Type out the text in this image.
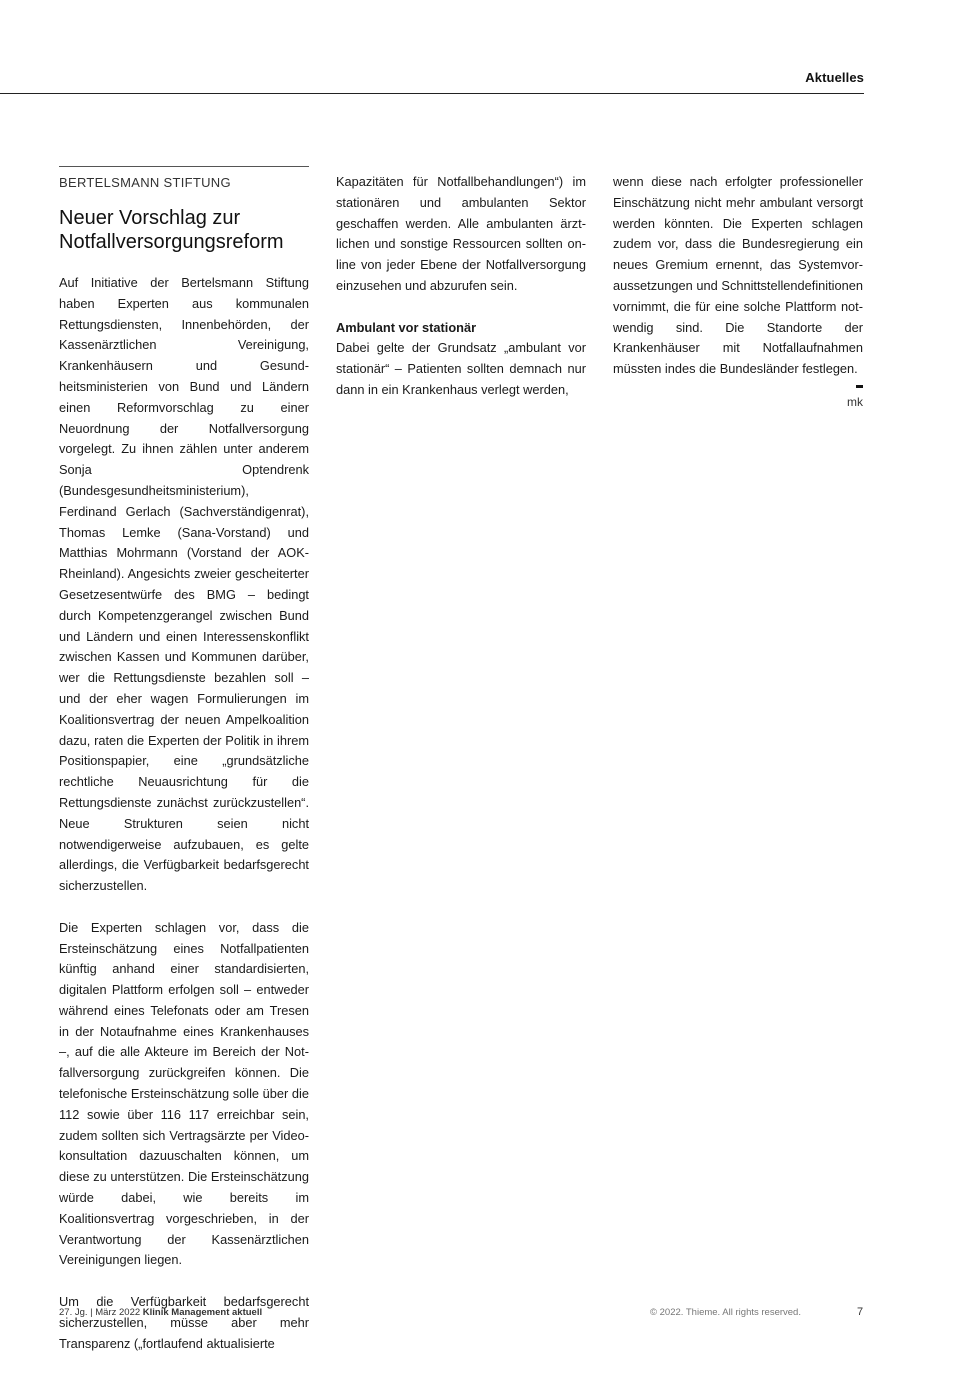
Aktuelles
BERTELSMANN STIFTUNG
Neuer Vorschlag zur Notfallversorgungsreform

Auf Initiative der Bertelsmann Stiftung haben Experten aus kommunalen Rettungsdiensten, Innenbehörden, der Kassenärztlichen Vereinigung, Krankenhäusern und Gesundheitsministerien von Bund und Ländern einen Reformvorschlag zu einer Neuordnung der Notfallversorgung vorgelegt. Zu ihnen zählen unter anderem Sonja Optendrenk (Bundesgesundheitsministerium), Ferdinand Gerlach (Sachverständigenrat), Thomas Lemke (Sana-Vorstand) und Matthias Mohrmann (Vorstand der AOK-Rheinland). Angesichts zweier gescheiterter Gesetzesentwürfe des BMG – bedingt durch Kompetenzgerangel zwischen Bund und Ländern und einen Interessenskonflikt zwischen Kassen und Kommunen darüber, wer die Rettungsdienste bezahlen soll – und der eher wagen Formulierungen im Koalitionsvertrag der neuen Ampelkoalition dazu, raten die Experten der Politik in ihrem Positionspapier, eine „grundsätzliche rechtliche Neuausrichtung für die Rettungsdienste zunächst zurückzustellen“. Neue Strukturen seien nicht notwendigerweise aufzubauen, es gelte allerdings, die Verfügbarkeit bedarfsgerecht sicherzustellen.

Die Experten schlagen vor, dass die Ersteinschätzung eines Notfallpatienten künftig anhand einer standardisierten, digitalen Plattform erfolgen soll – entweder während eines Telefonats oder am Tresen in der Notaufnahme eines Krankenhauses –, auf die alle Akteure im Bereich der Notfallversorgung zurückgreifen können. Die telefonische Ersteinschätzung solle über die 112 sowie über 116 117 erreichbar sein, zudem sollten sich Vertragsärzte per Videokonsultation dazuuschalten können, um diese zu unterstützen. Die Ersteinschätzung würde dabei, wie bereits im Koalitionsvertrag vorgeschrieben, in der Verantwortung der Kassenärztlichen Vereinigungen liegen.

Um die Verfügbarkeit bedarfsgerecht sicherzustellen, müsse aber mehr Transparenz („fortlaufend aktualisierte

Kapazitäten für Notfallbehandlungen“) im stationären und ambulanten Sektor geschaffen werden. Alle ambulanten ärztlichen und sonstige Ressourcen sollten online von jeder Ebene der Notfallversorgung einzusehen und abzurufen sein.

Ambulant vor stationär

Dabei gelte der Grundsatz „ambulant vor stationär“ – Patienten sollten demnach nur dann in ein Krankenhaus verlegt werden,

wenn diese nach erfolgter professioneller Einschätzung nicht mehr ambulant versorgt werden könnten. Die Experten schlagen zudem vor, dass die Bundesregierung ein neues Gremium ernennt, das Systemvoraussetzungen und Schnittstellendefinitionen vornimmt, die für eine solche Plattform notwendig sind. Die Standorte der Krankenhäuser mit Notfallaufnahmen müssten indes die Bundesländer festlegen.

mk
27. Jg. | März 2022 Klinik Management aktuell	© 2022. Thieme. All rights reserved.	7
